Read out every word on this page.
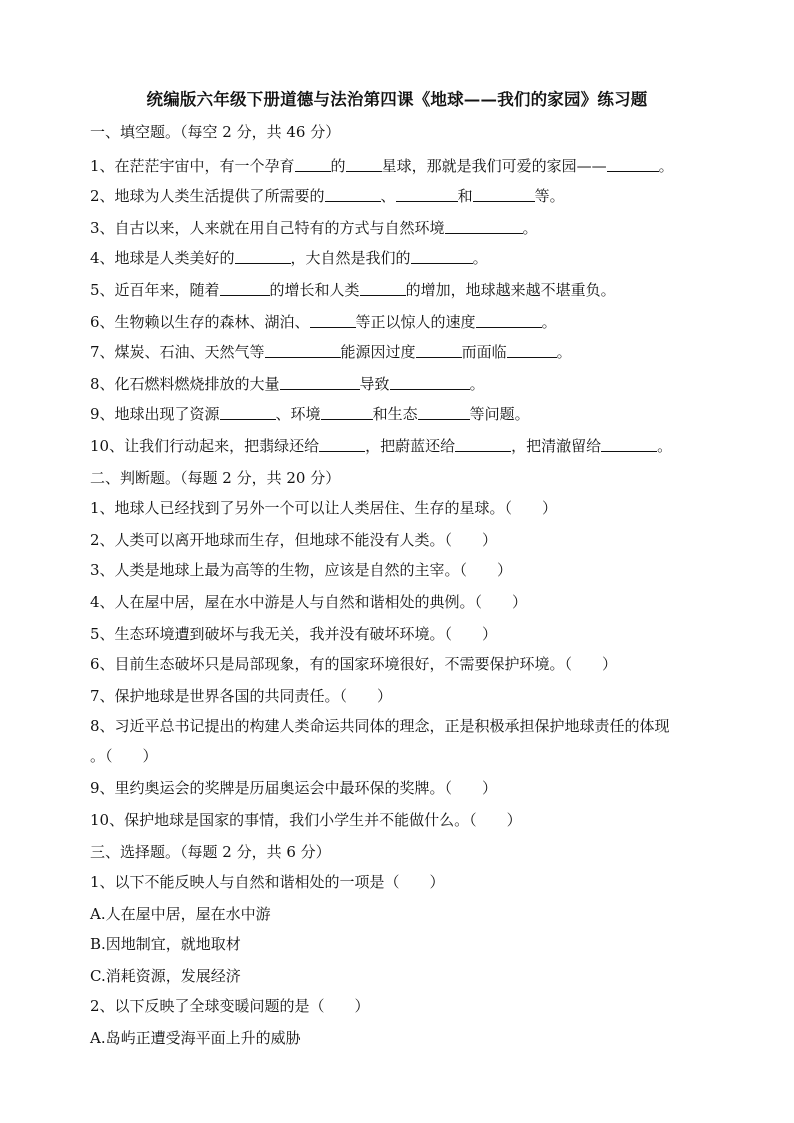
统编版六年级下册道德与法治第四课《地球——我们的家园》练习题
一、填空题。（每空 2 分，共 46 分）
1、在茫茫宇宙中，有一个孕育 的 星球，那就是我们可爱的家园——	。
2、地球为人类生活提供了所需要的	、	和	等。
3、自古以来，人来就在用自己特有的方式与自然环境	。
4、地球是人类美好的	，大自然是我们的	。
5、近百年来，随着	的增长和人类	的增加，地球越来越不堪重负。
6、生物赖以生存的森林、湖泊、	等正以惊人的速度	。
7、煤炭、石油、天然气等	能源因过度	而面临	。
8、化石燃料燃烧排放的大量	导致	。
9、地球出现了资源	、环境	和生态	等问题。
10、让我们行动起来，把翡绿还给	，把蔚蓝还给	，把清澈留给	。
二、判断题。（每题 2 分，共 20 分）
1、地球人已经找到了另外一个可以让人类居住、生存的星球。（　　）
2、人类可以离开地球而生存，但地球不能没有人类。（　　）
3、人类是地球上最为高等的生物，应该是自然的主宰。（　　）
4、人在屋中居，屋在水中游是人与自然和谐相处的典例。（　　）
5、生态环境遭到破坏与我无关，我并没有破坏环境。（　　）
6、目前生态破坏只是局部现象，有的国家环境很好，不需要保护环境。（　　）
7、保护地球是世界各国的共同责任。（　　）
8、习近平总书记提出的构建人类命运共同体的理念，正是积极承担保护地球责任的体现
。（　　）
9、里约奥运会的奖牌是历届奥运会中最环保的奖牌。（　　）
10、保护地球是国家的事情，我们小学生并不能做什么。（　　）
三、选择题。（每题 2 分，共 6 分）
1、以下不能反映人与自然和谐相处的一项是（　　）
A.人在屋中居，屋在水中游
B.因地制宜，就地取材
C.消耗资源，发展经济
2、以下反映了全球变暖问题的是（　　）
A.岛屿正遭受海平面上升的威胁
